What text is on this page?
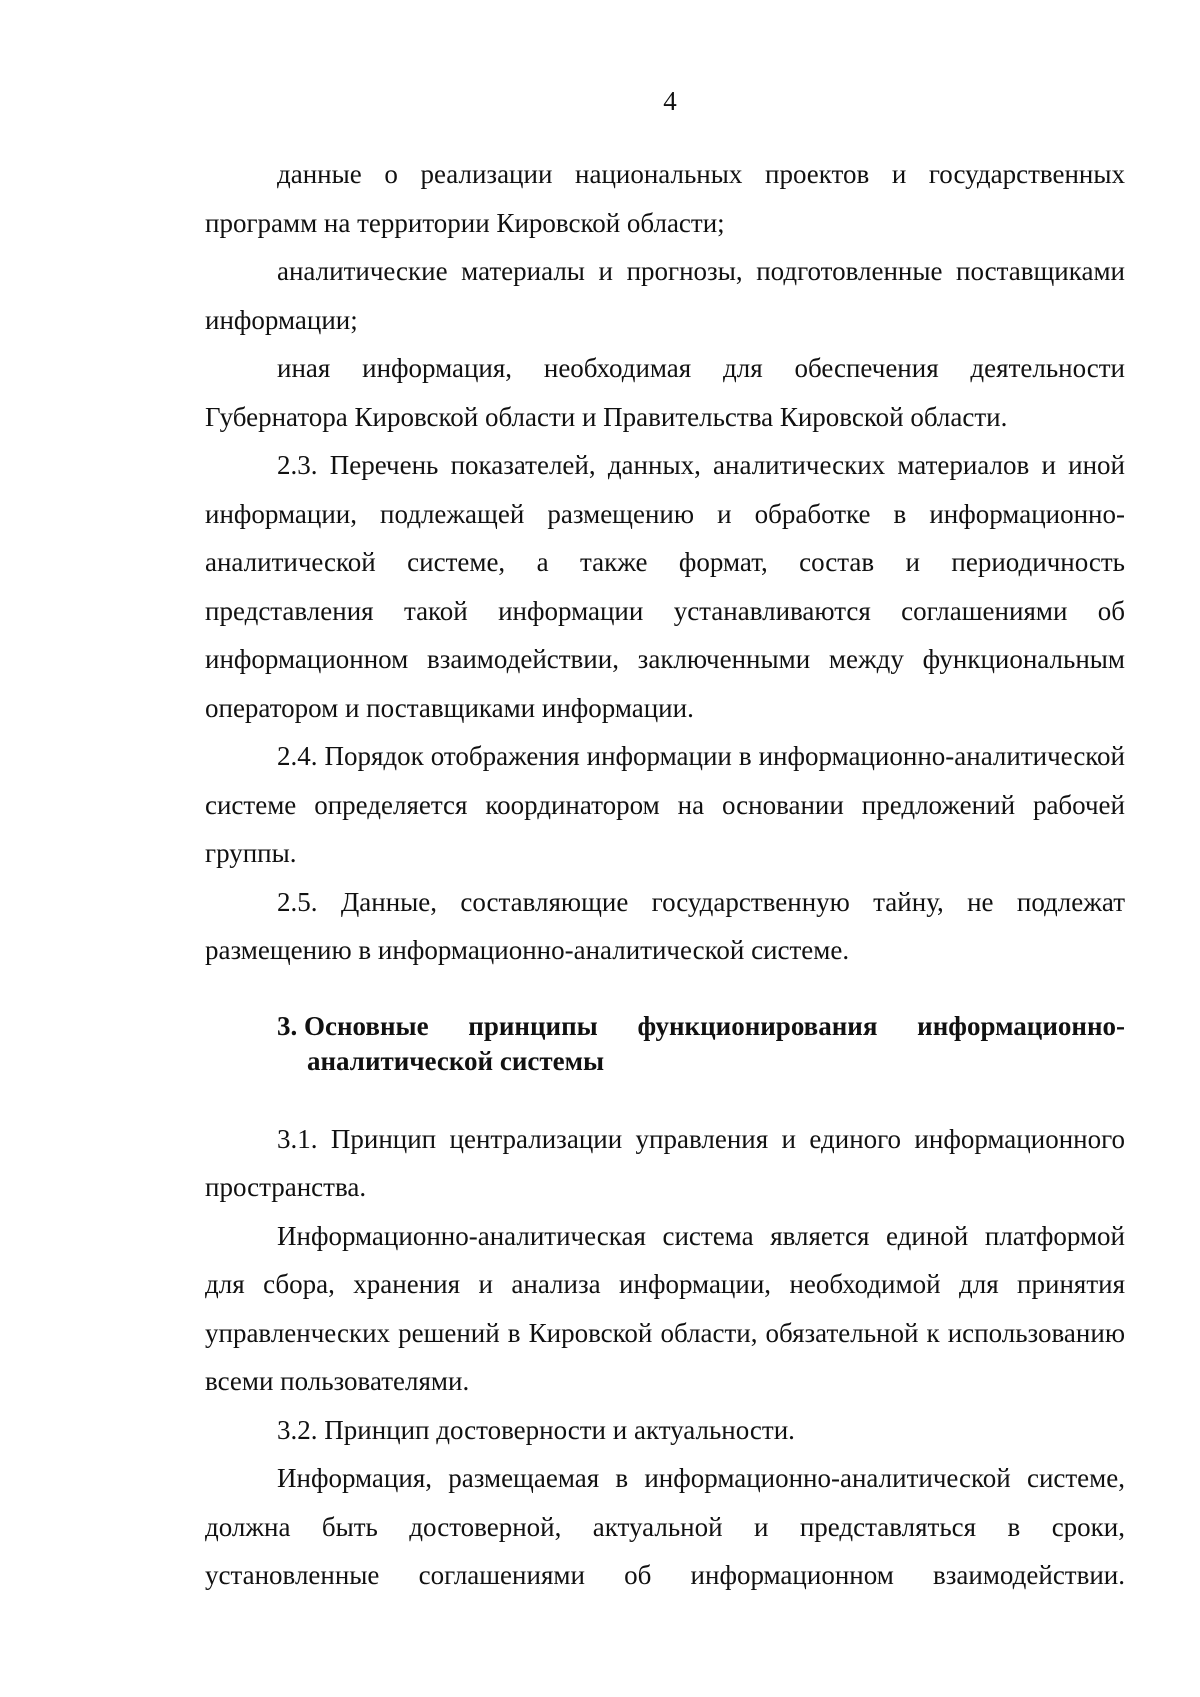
4

данные о реализации национальных проектов и государственных программ на территории Кировской области;

аналитические материалы и прогнозы, подготовленные поставщиками информации;

иная информация, необходимая для обеспечения деятельности Губернатора Кировской области и Правительства Кировской области.

2.3. Перечень показателей, данных, аналитических материалов и иной информации, подлежащей размещению и обработке в информационно-аналитической системе, а также формат, состав и периодичность представления такой информации устанавливаются соглашениями об информационном взаимодействии, заключенными между функциональным оператором и поставщиками информации.

2.4. Порядок отображения информации в информационно-аналитической системе определяется координатором на основании предложений рабочей группы.

2.5. Данные, составляющие государственную тайну, не подлежат размещению в информационно-аналитической системе.

3. Основные принципы функционирования информационно-
аналитической системы

3.1. Принцип централизации управления и единого информационного пространства.

Информационно-аналитическая система является единой платформой для сбора, хранения и анализа информации, необходимой для принятия управленческих решений в Кировской области, обязательной к использованию всеми пользователями.

3.2. Принцип достоверности и актуальности.

Информация, размещаемая в информационно-аналитической системе, должна быть достоверной, актуальной и представляться в сроки, установленные соглашениями об информационном взаимодействии.
